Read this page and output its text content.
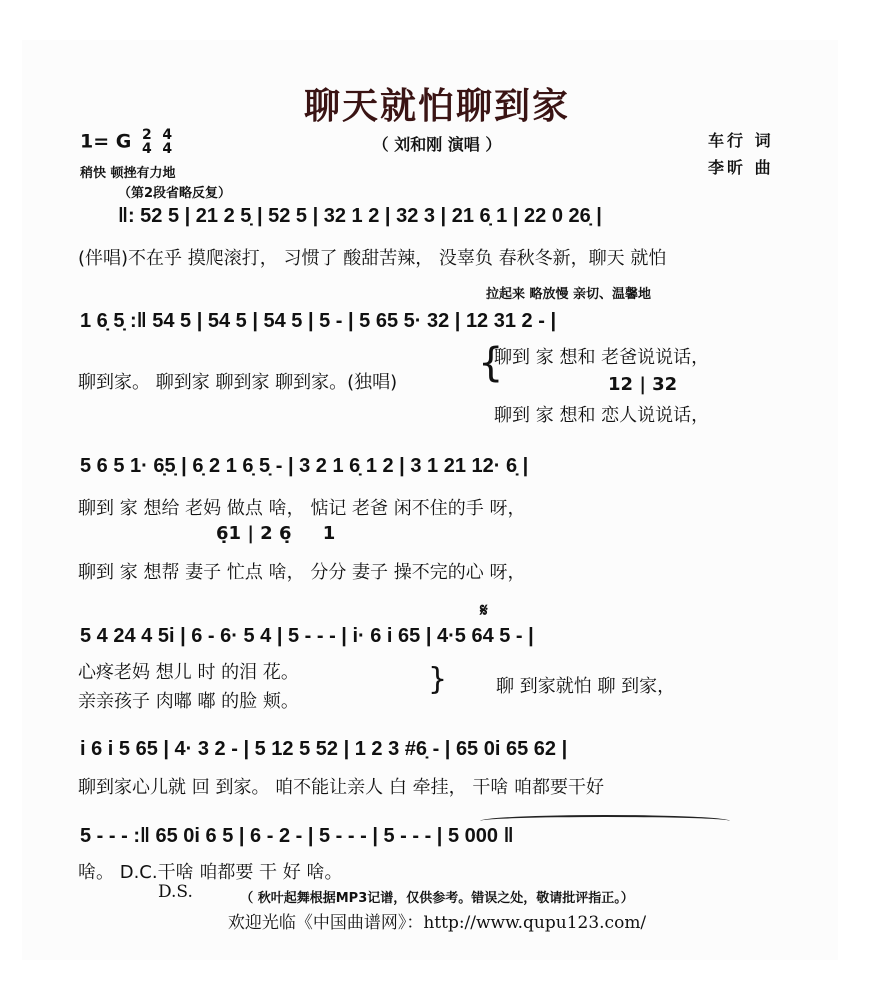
聊天就怕聊到家
（ 刘和刚 演唱 ）
1= G 2
4

4
4
稍快 顿挫有力地
（第2段省略反复）
车行 词
李昕 曲
‖: 52 5 | 21 2 5̣ | 52 5 | 32 1 2 | 32 3 | 21 6̣ 1 | 22 0 26̣ |
(伴唱)不在乎 摸爬滚打， 习惯了 酸甜苦辣， 没辜负 春秋冬新，聊天 就怕
拉起来 略放慢 亲切、温馨地
1 6̣ 5̣ :‖ 54 5 | 54 5 | 54 5 | 5 - | 5 65 5· 32 | 12 31 2 - |
聊到家。 聊到家 聊到家 聊到家。(独唱)	{
聊到 家 想和 老爸说说话，
12 | 32
聊到 家 想和 恋人说说话，
5 6 5 1· 6̣5̣ | 6̣ 2 1 6̣ 5̣ - | 3 2 1 6̣ 1 2 | 3 1 21 12· 6̣ |
聊到 家 想给 老妈 做点 啥， 惦记 老爸 闲不住的手 呀，
6̣1 | 2 6̣     1
聊到 家 想帮 妻子 忙点 啥， 分分 妻子 操不完的心 呀，
𝄋
5 4 24 4 5i | 6 - 6· 5 4 | 5 - - - | i· 6 i 65 | 4·5 64 5 - |
心疼老妈 想儿 时 的泪 花。
亲亲孩子 肉嘟 嘟 的脸 颊。
}	聊 到家就怕 聊 到家，
i 6 i 5 65 | 4· 3 2 - | 5 12 5 52 | 1 2 3 #6̣ - | 65 0i 65 62 |
聊到家心儿就 回 到家。 咱不能让亲人 白 牵挂， 干啥 咱都要干好
5 - - - :‖ 65 0i 6 5 | 6 - 2 - | 5 - - - | 5 - - - | 5 000 ‖
啥。 D.C.干啥 咱都要 干 好 啥。
D.S.	（ 秋叶起舞根据MP3记谱，仅供参考。错误之处，敬请批评指正。）
欢迎光临《中国曲谱网》：http://www.qupu123.com/
